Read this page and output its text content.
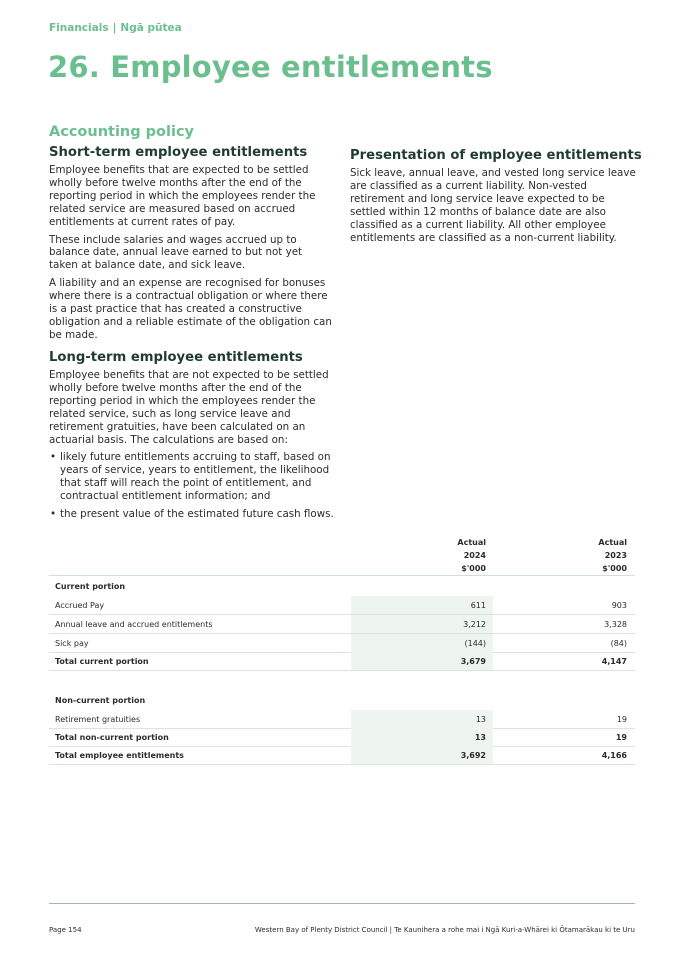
Financials | Ngā pūtea
26. Employee entitlements
Accounting policy
Short-term employee entitlements

Employee benefits that are expected to be settled wholly before twelve months after the end of the reporting period in which the employees render the related service are measured based on accrued entitlements at current rates of pay.

These include salaries and wages accrued up to balance date, annual leave earned to but not yet taken at balance date, and sick leave.

A liability and an expense are recognised for bonuses where there is a contractual obligation or where there is a past practice that has created a constructive obligation and a reliable estimate of the obligation can be made.

Long-term employee entitlements

Employee benefits that are not expected to be settled wholly before twelve months after the end of the reporting period in which the employees render the related service, such as long service leave and retirement gratuities, have been calculated on an actuarial basis. The calculations are based on:

• likely future entitlements accruing to staff, based on years of service, years to entitlement, the likelihood that staff will reach the point of entitlement, and contractual entitlement information; and
• the present value of the estimated future cash flows.
Presentation of employee entitlements

Sick leave, annual leave, and vested long service leave are classified as a current liability. Non-vested retirement and long service leave expected to be settled within 12 months of balance date are also classified as a current liability. All other employee entitlements are classified as a non-current liability.

Actual
2024
$'000
Actual
2023
$'000
Current portion
Accrued Pay	611	903
Annual leave and accrued entitlements	3,212	3,328
Sick pay	(144)	(84)
Total current portion	3,679	4,147
Non-current portion
Retirement gratuities	13	19
Total non-current portion	13	19
Total employee entitlements	3,692	4,166
Page 154	Western Bay of Plenty District Council | Te Kaunihera a rohe mai i Ngā Kuri-a-Whārei ki Ōtamarākau ki te Uru
